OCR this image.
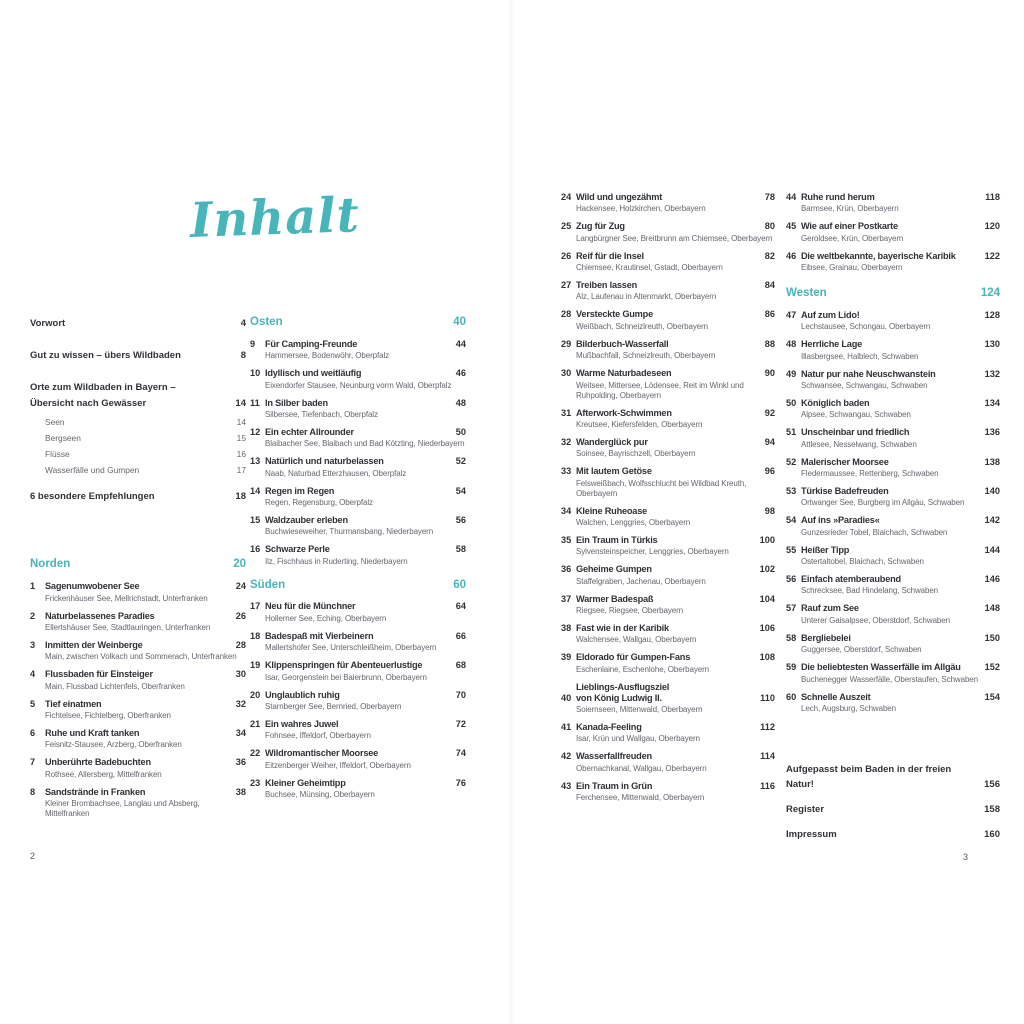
Inhalt
Vorwort	4
Gut zu wissen – übers Wildbaden	8
Orte zum Wildbaden in Bayern –
Übersicht nach Gewässer	14
Seen	14
Bergseen	15
Flüsse	16
Wasserfälle und Gumpen	17
6 besondere Empfehlungen	18
Norden	20
1	Sagenumwobener See	24
Frickenhäuser See, Mellrichstadt, Unterfranken
2	Naturbelassenes Paradies	26
Ellertshäuser See, Stadtlauringen, Unterfranken
3	Inmitten der Weinberge	28
Main, zwischen Volkach und Sommerach, Unterfranken
4	Flussbaden für Einsteiger	30
Main, Flussbad Lichtenfels, Oberfranken
5	Tief einatmen	32
Fichtelsee, Fichtelberg, Oberfranken
6	Ruhe und Kraft tanken	34
Feisnitz-Stausee, Arzberg, Oberfranken
7	Unberührte Badebuchten	36
Rothsee, Allersberg, Mittelfranken
8	Sandstrände in Franken	38
Kleiner Brombachsee, Langlau und Absberg, Mittelfranken
Osten	40
9	Für Camping-Freunde	44
Hammersee, Bodenwöhr, Oberpfalz
10 Idyllisch und weitläufig	46
Eixendorfer Stausee, Neunburg vorm Wald, Oberpfalz
11 In Silber baden	48
Silbersee, Tiefenbach, Oberpfalz
12 Ein echter Allrounder	50
Blaibacher See, Blaibach und Bad Kötzting, Niederbayern
13 Natürlich und naturbelassen	52
Naab, Naturbad Etterzhausen, Oberpfalz
14 Regen im Regen	54
Regen, Regensburg, Oberpfalz
15 Waldzauber erleben	56
Buchwieseweiher, Thurmansbang, Niederbayern
16 Schwarze Perle	58
Ilz, Fischhaus in Ruderting, Niederbayern
Süden	60
17 Neu für die Münchner	64
Hollerner See, Eching, Oberbayern
18 Badespaß mit Vierbeinern	66
Mallertshofer See, Unterschleißheim, Oberbayern
19 Klippenspringen für Abenteuerlustige	68
Isar, Georgenstein bei Baierbrunn, Oberbayern
20 Unglaublich ruhig	70
Starnberger See, Bernried, Oberbayern
21 Ein wahres Juwel	72
Fohnsee, Iffeldorf, Oberbayern
22 Wildromantischer Moorsee	74
Eitzenberger Weiher, Iffeldorf, Oberbayern
23 Kleiner Geheimtipp	76
Buchsee, Münsing, Oberbayern
24 Wild und ungezähmt	78
Hackensee, Holzkirchen, Oberbayern
25 Zug für Zug	80
Langbürgner See, Breitbrunn am Chiemsee, Oberbayern
26 Reif für die Insel	82
Chiemsee, Krautinsel, Gstadt, Oberbayern
27 Treiben lassen	84
Alz, Laufenau in Altenmarkt, Oberbayern
28 Versteckte Gumpe	86
Weißbach, Schneizlreuth, Oberbayern
29 Bilderbuch-Wasserfall	88
Mußbachfall, Schneizlreuth, Oberbayern
30 Warme Naturbadeseen	90
Weitsee, Mittersee, Lödensee, Reit im Winkl und Ruhpolding, Oberbayern
31 Afterwork-Schwimmen	92
Kreutsee, Kiefersfelden, Oberbayern
32 Wanderglück pur	94
Soinsee, Bayrischzell, Oberbayern
33 Mit lautem Getöse	96
Felsweißbach, Wolfsschlucht bei Wildbad Kreuth, Oberbayern
34 Kleine Ruheoase	98
Walchen, Lenggries, Oberbayern
35 Ein Traum in Türkis	100
Sylvensteinspeicher, Lenggries, Oberbayern
36 Geheime Gumpen	102
Staffelgraben, Jachenau, Oberbayern
37 Warmer Badespaß	104
Riegsee, Riegsee, Oberbayern
38 Fast wie in der Karibik	106
Walchensee, Wallgau, Oberbayern
39 Eldorado für Gumpen-Fans	108
Eschenlaine, Eschenlohe, Oberbayern
40
Lieblings-Ausflugsziel
von König Ludwig II.	110
Soiernseen, Mittenwald, Oberbayern
41 Kanada-Feeling	112
Isar, Krün und Wallgau, Oberbayern
42 Wasserfallfreuden	114
Obernachkanal, Wallgau, Oberbayern
43 Ein Traum in Grün	116
Ferchensee, Mittenwald, Oberbayern
44 Ruhe rund herum	118
Barmsee, Krün, Oberbayern
45 Wie auf einer Postkarte	120
Geroldsee, Krün, Oberbayern
46 Die weltbekannte, bayerische Karibik	122
Eibsee, Grainau, Oberbayern
Westen	124
47 Auf zum Lido!	128
Lechstausee, Schongau, Oberbayern
48 Herrliche Lage	130
Illasbergsee, Halblech, Schwaben
49 Natur pur nahe Neuschwanstein	132
Schwansee, Schwangau, Schwaben
50 Königlich baden	134
Alpsee, Schwangau, Schwaben
51 Unscheinbar und friedlich	136
Attlesee, Nesselwang, Schwaben
52 Malerischer Moorsee	138
Fledermaussee, Rettenberg, Schwaben
53 Türkise Badefreuden	140
Ortwanger See, Burgberg im Allgäu, Schwaben
54 Auf ins »Paradies«	142
Gunzesrieder Tobel, Blaichach, Schwaben
55 Heißer Tipp	144
Ostertaltobel, Blaichach, Schwaben
56 Einfach atemberaubend	146
Schrecksee, Bad Hindelang, Schwaben
57 Rauf zum See	148
Unterer Gaisalpsee, Oberstdorf, Schwaben
58 Bergliebelei	150
Guggersee, Oberstdorf, Schwaben
59 Die beliebtesten Wasserfälle im Allgäu	152
Buchenegger Wasserfälle, Oberstaufen, Schwaben
60 Schnelle Auszeit	154
Lech, Augsburg, Schwaben
Aufgepasst beim Baden in der freien Natur!	156
Register	158
Impressum	160
2	3
